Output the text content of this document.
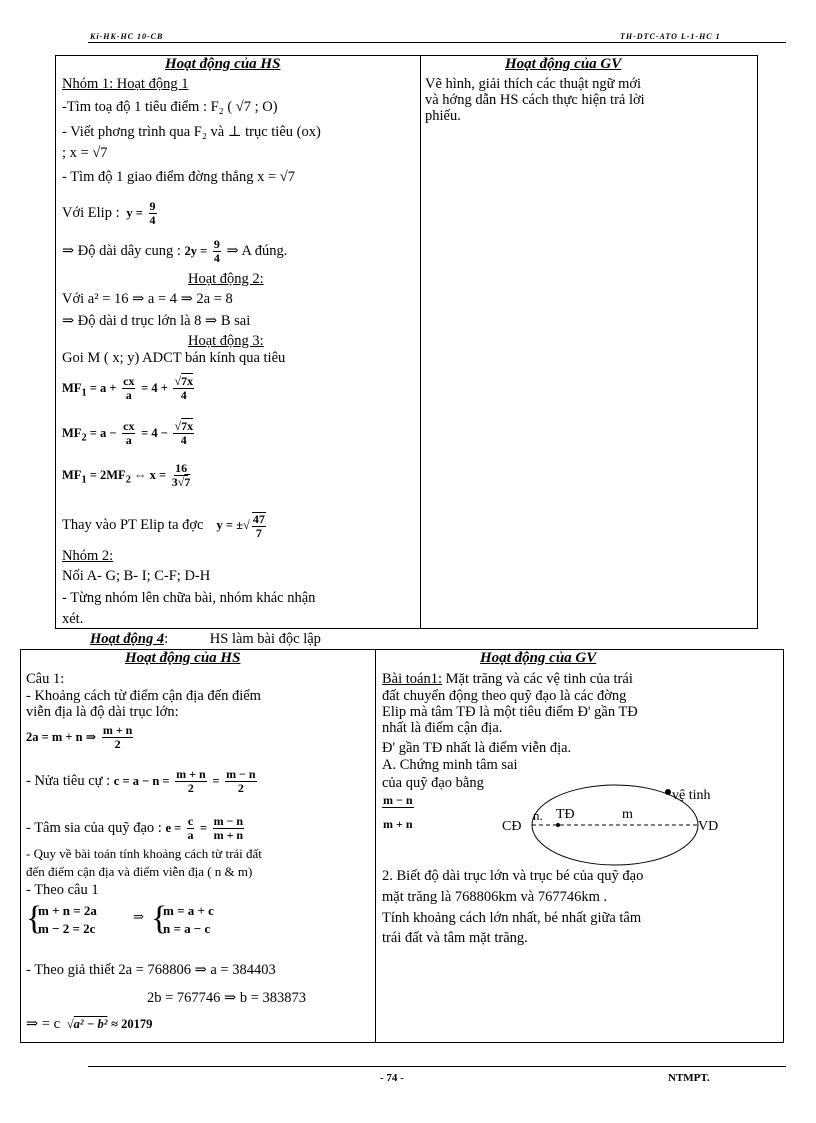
Ki-HK-HC 10-CB	TH-DTC-ATO L-1-HC 1
Hoạt động của HS	Hoạt động của GV
Vẽ hình, giải thích các thuật ngữ mới
và hớng dẫn HS cách thực hiện trả lời
phiếu.
Nhóm 1: Hoạt động 1
-Tìm toạ độ 1 tiêu điểm : F₂ ( √7 ; O)
- Viết phơng trình qua F₂ và ⊥ trục tiêu (ox)
; x = √7
- Tìm độ 1 giao điểm đờng thẳng x = √7
Với Elip :  $y = \frac{9}{4}$
⇒ Độ dài dây cung : $2y = \frac{9}{4}$ ⇒ A đúng.
Hoạt động 2:
Với a² = 16 ⇒ a = 4 ⇒ 2a = 8
⇒ Độ dài d trục lớn là 8 ⇒ B sai
Hoạt động 3:
Goi M ( x; y) ADCT bán kính qua tiêu
$MF_1 = a + \frac{cx}{a} = 4 + \frac{√7x}{4}$
$MF_2 = a - \frac{cx}{a} = 4 - \frac{√7x}{4}$
$MF_1 = 2MF_2$ ⇔ $x = \frac{16}{3√7}$
Thay vào PT Elip ta đợc    y = ±√ $\frac{47}{7}$
Nhóm 2:
Nối A- G; B- I; C-F; D-H
- Từng nhóm lên chữa bài, nhóm khác nhận
xét.
Hoạt động 4:	HS làm bài độc lập
Hoạt động của HS	Hoạt động của GV
Câu 1:
- Khoảng cách từ điểm cận địa đến điểm
viễn địa là độ dài trục lớn:
2a = m + n ⇒ $\frac{m + n}{2}$
- Nửa tiêu cự : $c = a - n = \frac{m + n}{2} = \frac{m - n}{2}$
- Tâm sia của quỹ đạo : $e = \frac{c}{a} = \frac{m - n}{m + n}$
- Quy về bài toán tính khoảng cách từ trái đất
đến điểm cận địa và điểm viễn địa ( n & m)
- Theo câu 1
{
m + n = 2a
m − 2 = 2c
⇒ {
m = a + c
n = a − c
- Theo giả thiết 2a = 768806 ⇒ a = 384403
2b = 767746 ⇒ b = 383873
⇒ = c  √a² − b² ≈ 20179
Bài toán1: Mặt trăng và các vệ tinh của trái
đất chuyển động theo quỹ đạo là các đờng
Elip mà tâm TĐ là một tiêu điểm Đ' gần TĐ
nhất là điểm cận địa.
Đ' gần TĐ nhất là điểm viễn địa.
A. Chứng minh tâm sai
của quỹ đạo bằng
$\frac{m - n}{m + n}$	n. TĐ	m
vệ tinh
CĐ	VD
2. Biết độ dài trục lớn và trục bé của quỹ đạo
mặt trăng là 768806km và 767746km .
Tính khoảng cách lớn nhất, bé nhất giữa tâm
trái đất và tâm mặt trăng.
- 74 -	NTMPT.
